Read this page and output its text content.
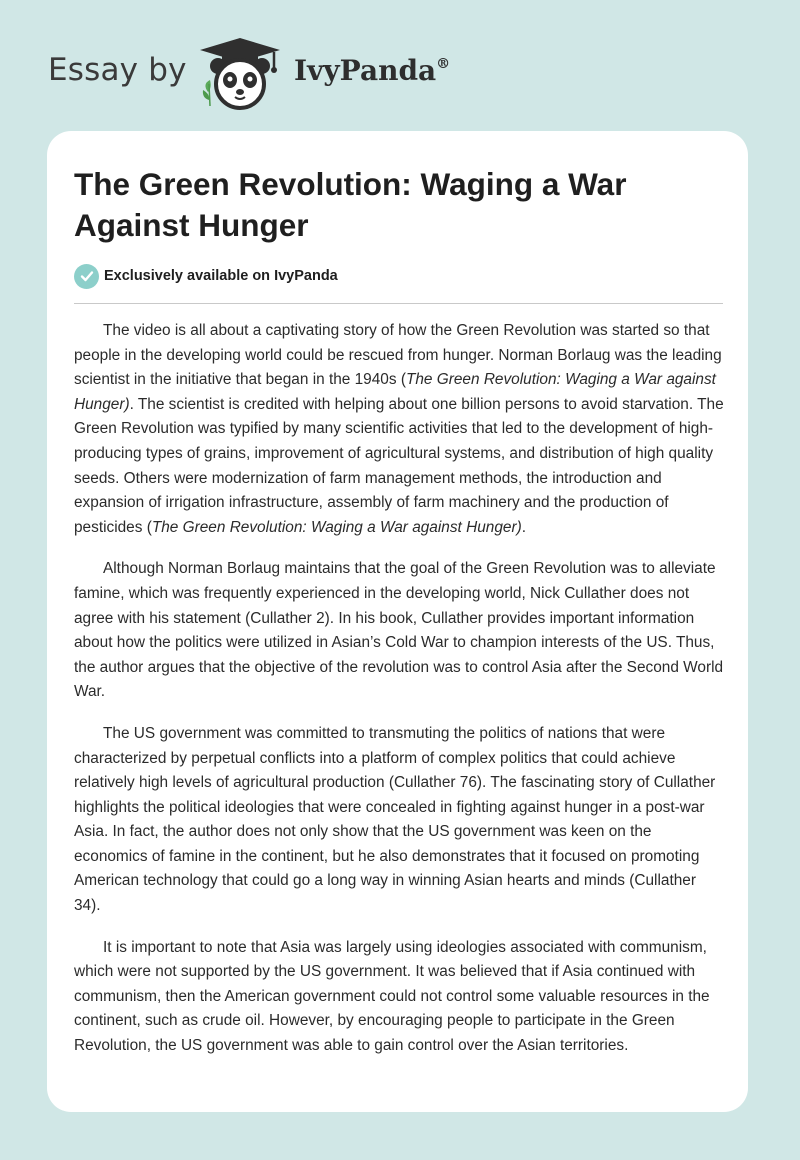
Essay by	IvyPanda®
The Green Revolution: Waging a War Against Hunger
Exclusively available on IvyPanda

The video is all about a captivating story of how the Green Revolution was started so that people in the developing world could be rescued from hunger. Norman Borlaug was the leading scientist in the initiative that began in the 1940s (The Green Revolution: Waging a War against Hunger). The scientist is credited with helping about one billion persons to avoid starvation. The Green Revolution was typified by many scientific activities that led to the development of high-producing types of grains, improvement of agricultural systems, and distribution of high quality seeds. Others were modernization of farm management methods, the introduction and expansion of irrigation infrastructure, assembly of farm machinery and the production of pesticides (The Green Revolution: Waging a War against Hunger).

Although Norman Borlaug maintains that the goal of the Green Revolution was to alleviate famine, which was frequently experienced in the developing world, Nick Cullather does not agree with his statement (Cullather 2). In his book, Cullather provides important information about how the politics were utilized in Asian’s Cold War to champion interests of the US. Thus, the author argues that the objective of the revolution was to control Asia after the Second World War.

The US government was committed to transmuting the politics of nations that were characterized by perpetual conflicts into a platform of complex politics that could achieve relatively high levels of agricultural production (Cullather 76). The fascinating story of Cullather highlights the political ideologies that were concealed in fighting against hunger in a post-war Asia. In fact, the author does not only show that the US government was keen on the economics of famine in the continent, but he also demonstrates that it focused on promoting American technology that could go a long way in winning Asian hearts and minds (Cullather 34).

It is important to note that Asia was largely using ideologies associated with communism, which were not supported by the US government. It was believed that if Asia continued with communism, then the American government could not control some valuable resources in the continent, such as crude oil. However, by encouraging people to participate in the Green Revolution, the US government was able to gain control over the Asian territories.
